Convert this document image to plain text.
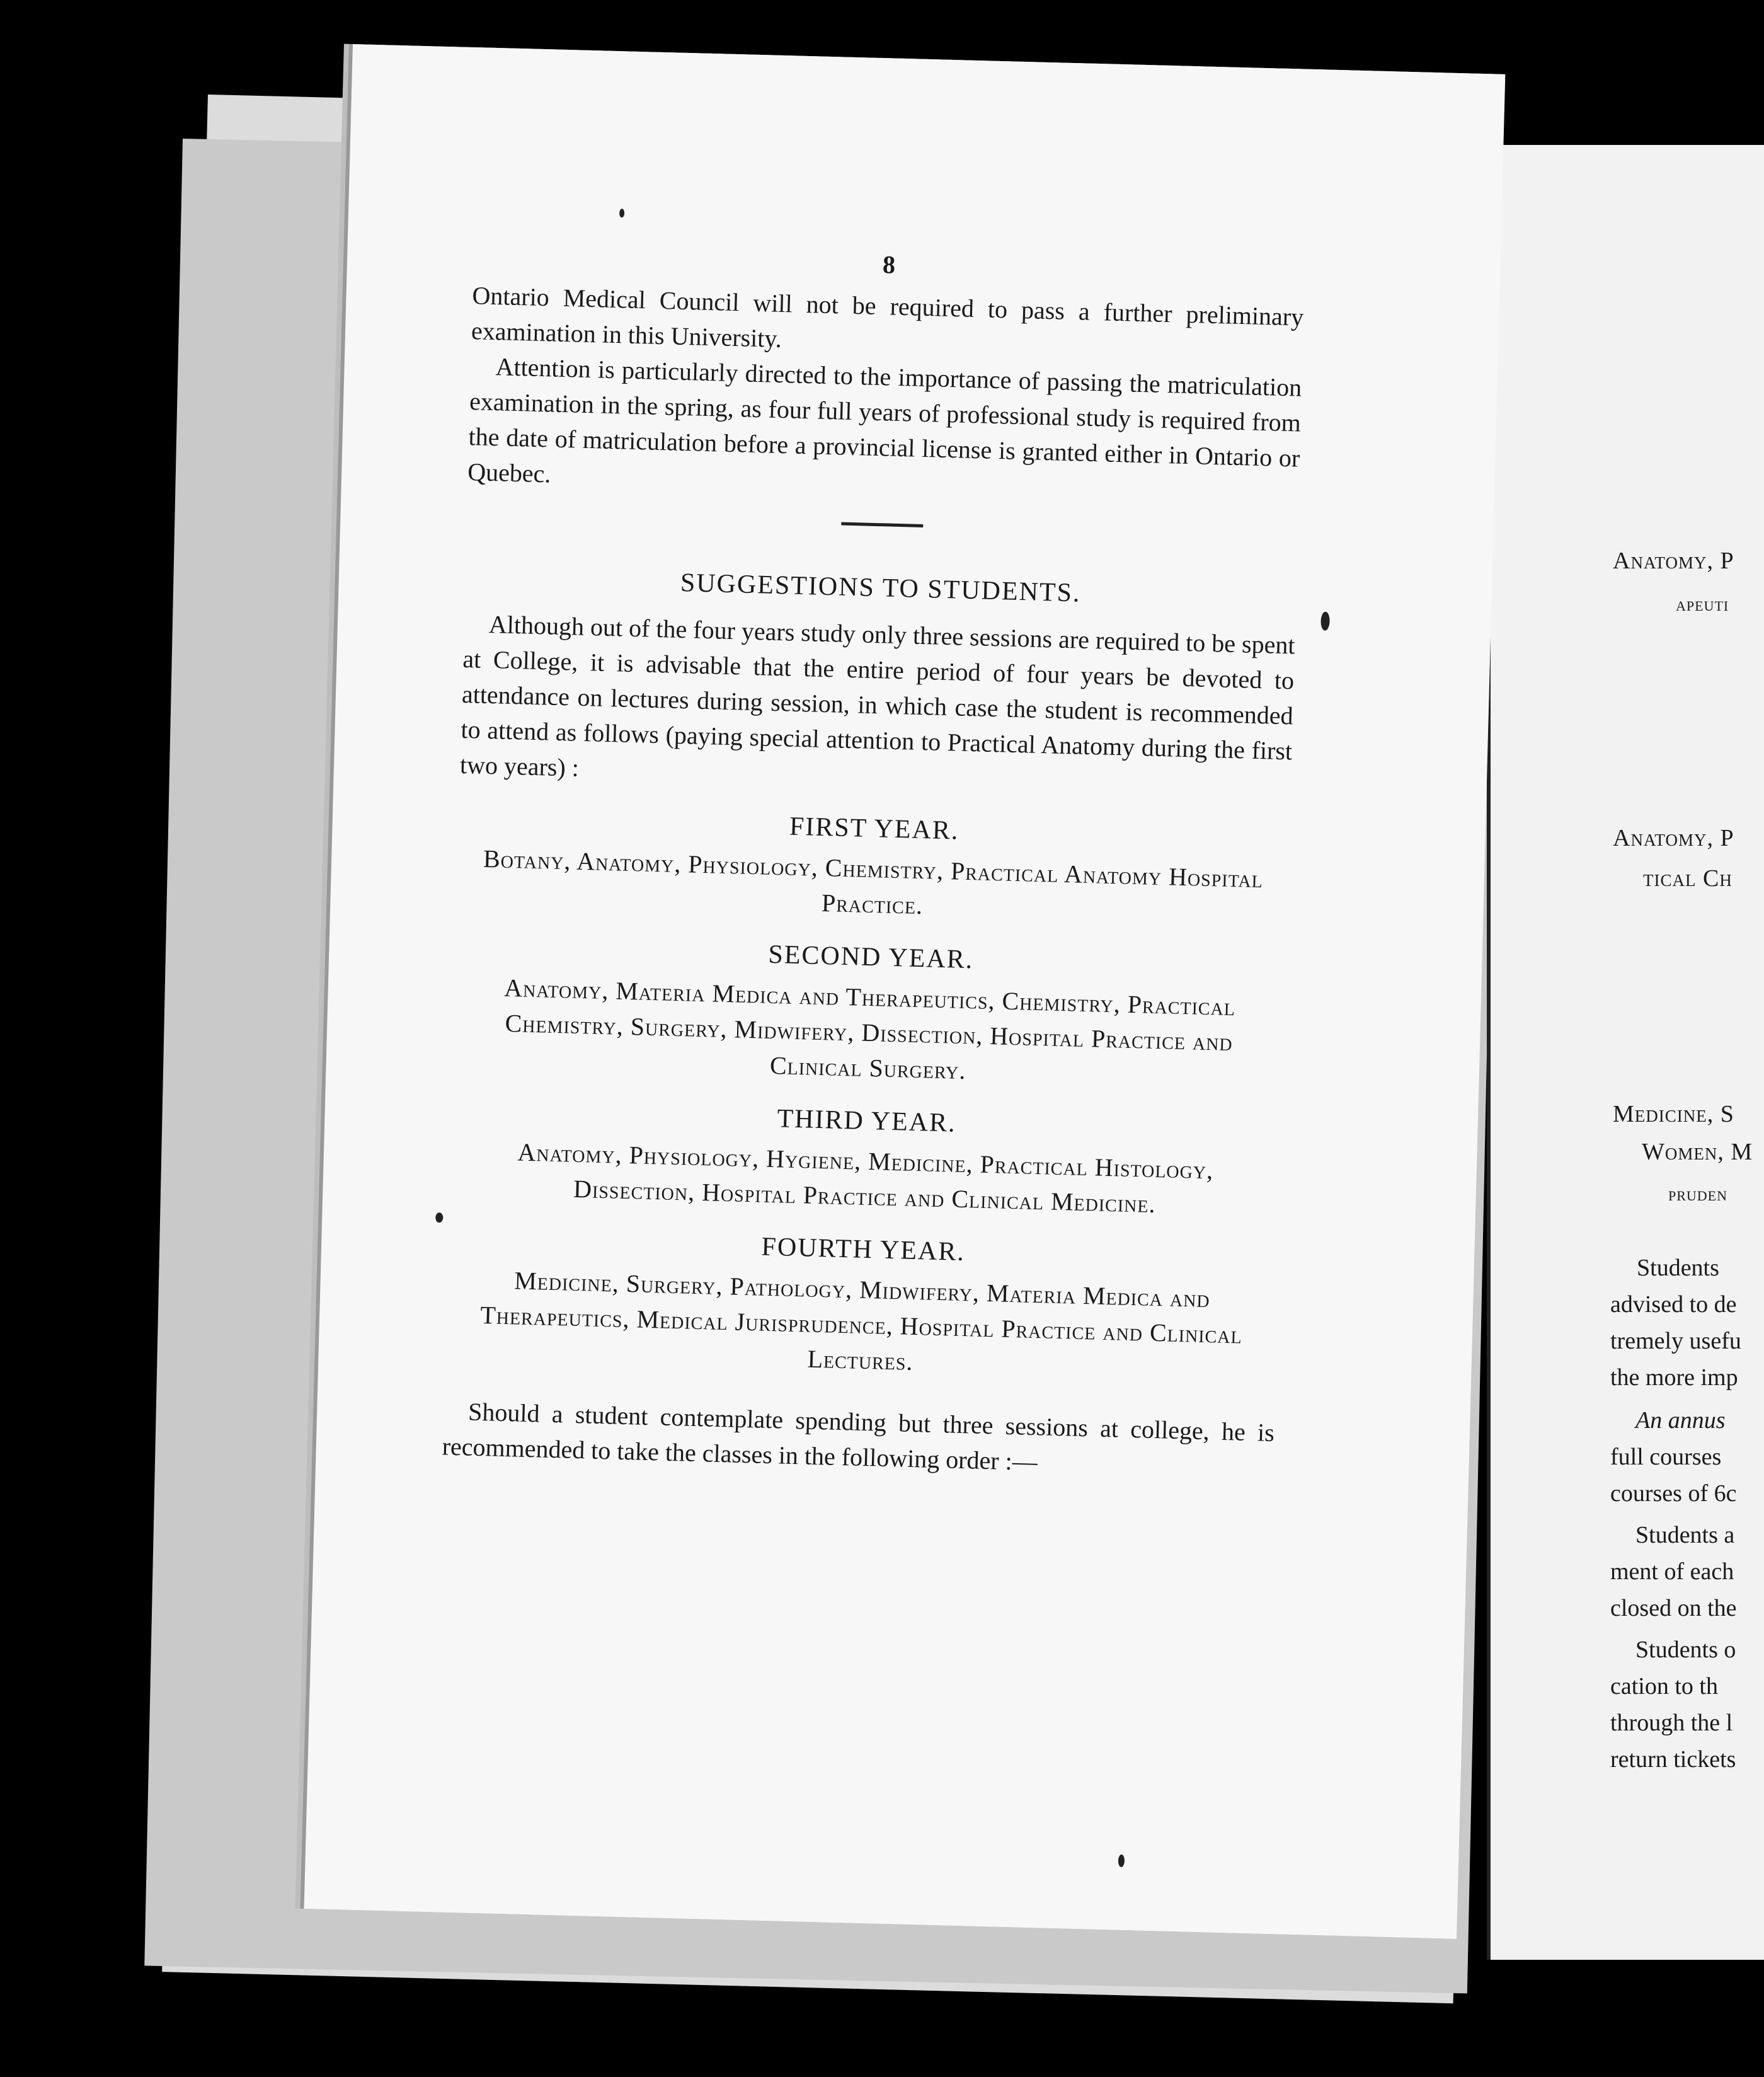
Anatomy, P
apeuti
Anatomy, P
tical Ch
Medicine, S
Women, M
pruden
Students
advised to de
tremely usefu
the more imp
An annus
full courses
courses of 6c
Students a
ment of each
closed on the
Students o
cation to th
through the l
return tickets
8

Ontario Medical Council will not be required to pass a further preliminary examination in this University.

Attention is particularly directed to the importance of passing the matriculation examination in the spring, as four full years of professional study is required from the date of matriculation before a provincial license is granted either in Ontario or Quebec.

SUGGESTIONS TO STUDENTS.

Although out of the four years study only three sessions are required to be spent at College, it is advisable that the entire period of four years be devoted to attendance on lectures during session, in which case the student is recommended to attend as follows (paying special attention to Practical Anatomy during the first two years) :

FIRST YEAR.
Botany, Anatomy, Physiology, Chemistry, Practical Anatomy Hospital Practice.
SECOND YEAR.
Anatomy, Materia Medica and Therapeutics, Chemistry, Practical Chemistry, Surgery, Midwifery, Dissection, Hospital Practice and Clinical Surgery.
THIRD YEAR.
Anatomy, Physiology, Hygiene, Medicine, Practical Histology, Dissection, Hospital Practice and Clinical Medicine.
FOURTH YEAR.
Medicine, Surgery, Pathology, Midwifery, Materia Medica and Therapeutics, Medical Jurisprudence, Hospital Practice and Clinical Lectures.

Should a student contemplate spending but three sessions at college, he is recommended to take the classes in the following order :—
